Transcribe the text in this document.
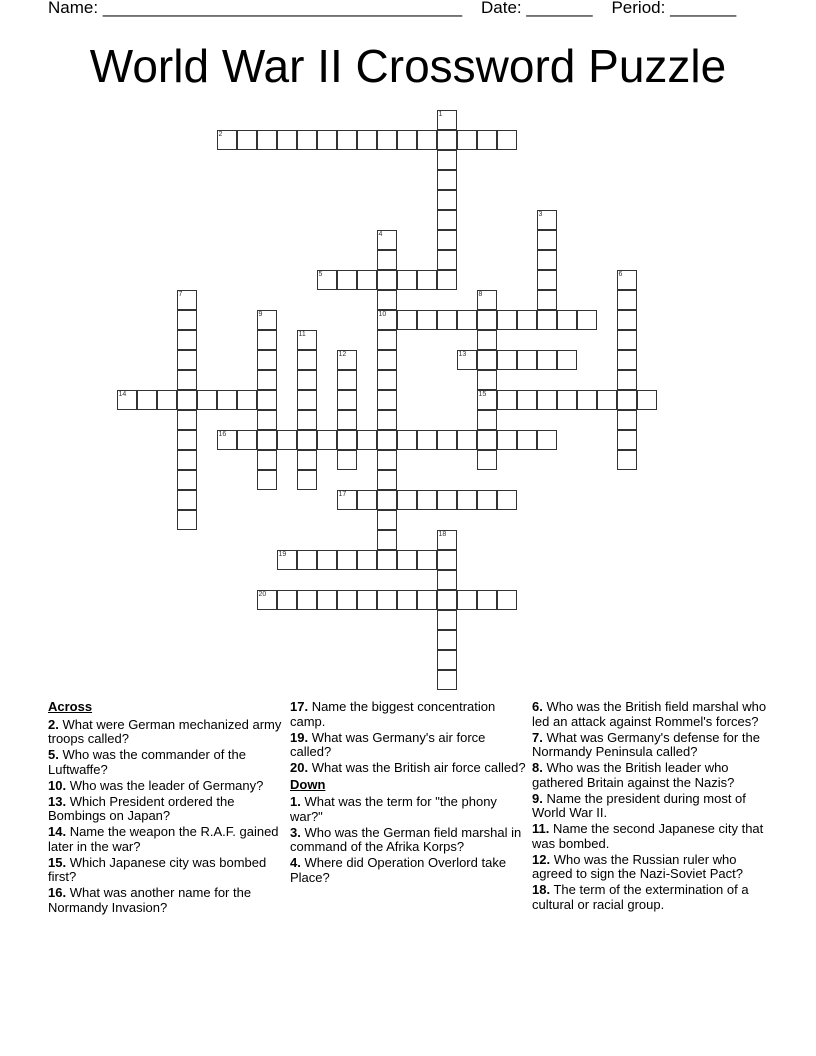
Name: ______________________________________ Date: _______ Period: _______
World War II Crossword Puzzle
1
2
3
4
10
5	6
7	8
15
9
11
12	13
14
16
17
18
19
20
Across
2. What were German mechanized army troops called?
5. Who was the commander of the Luftwaffe?
10. Who was the leader of Germany?
13. Which President ordered the Bombings on Japan?
14. Name the weapon the R.A.F. gained later in the war?
15. Which Japanese city was bombed first?
16. What was another name for the Normandy Invasion?
17. Name the biggest concentration camp.
19. What was Germany's air force called?
20. What was the British air force called?
Down
1. What was the term for "the phony war?"
3. Who was the German field marshal in command of the Afrika Korps?
4. Where did Operation Overlord take Place?
6. Who was the British field marshal who led an attack against Rommel's forces?
7. What was Germany's defense for the Normandy Peninsula called?
8. Who was the British leader who gathered Britain against the Nazis?
9. Name the president during most of World War II.
11. Name the second Japanese city that was bombed.
12. Who was the Russian ruler who agreed to sign the Nazi-Soviet Pact?
18. The term of the extermination of a cultural or racial group.
